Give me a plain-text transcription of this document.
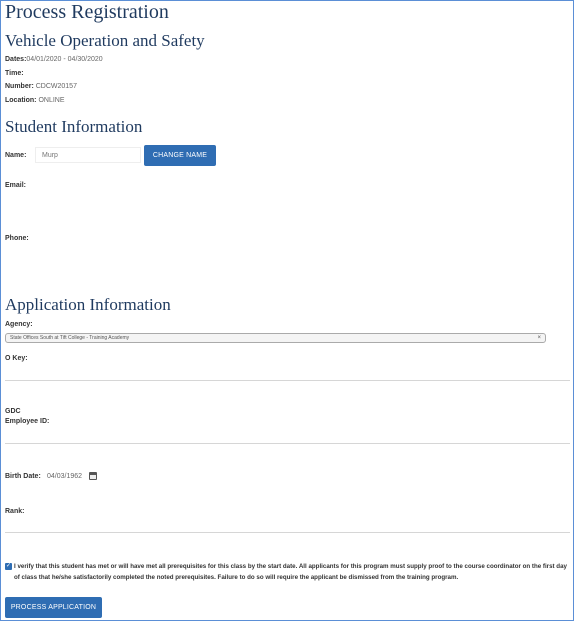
Process Registration
Vehicle Operation and Safety
Dates:04/01/2020 - 04/30/2020
Time:
Number: CDCW20157
Location: ONLINE
Student Information
Name:	Murp	CHANGE NAME
Email:
Phone:
Application Information
Agency:
State Offices South at Tift College - Training Academy	×
O Key:
GDC
Employee ID:
Birth Date: 04/03/1962
Rank:
✓ I verify that this student has met or will have met all prerequisites for this class by the start date. All applicants for this program must supply proof to the course coordinator on the first day of class that he/she satisfactorily completed the noted prerequisites. Failure to do so will require the applicant be dismissed from the training program.
PROCESS APPLICATION
